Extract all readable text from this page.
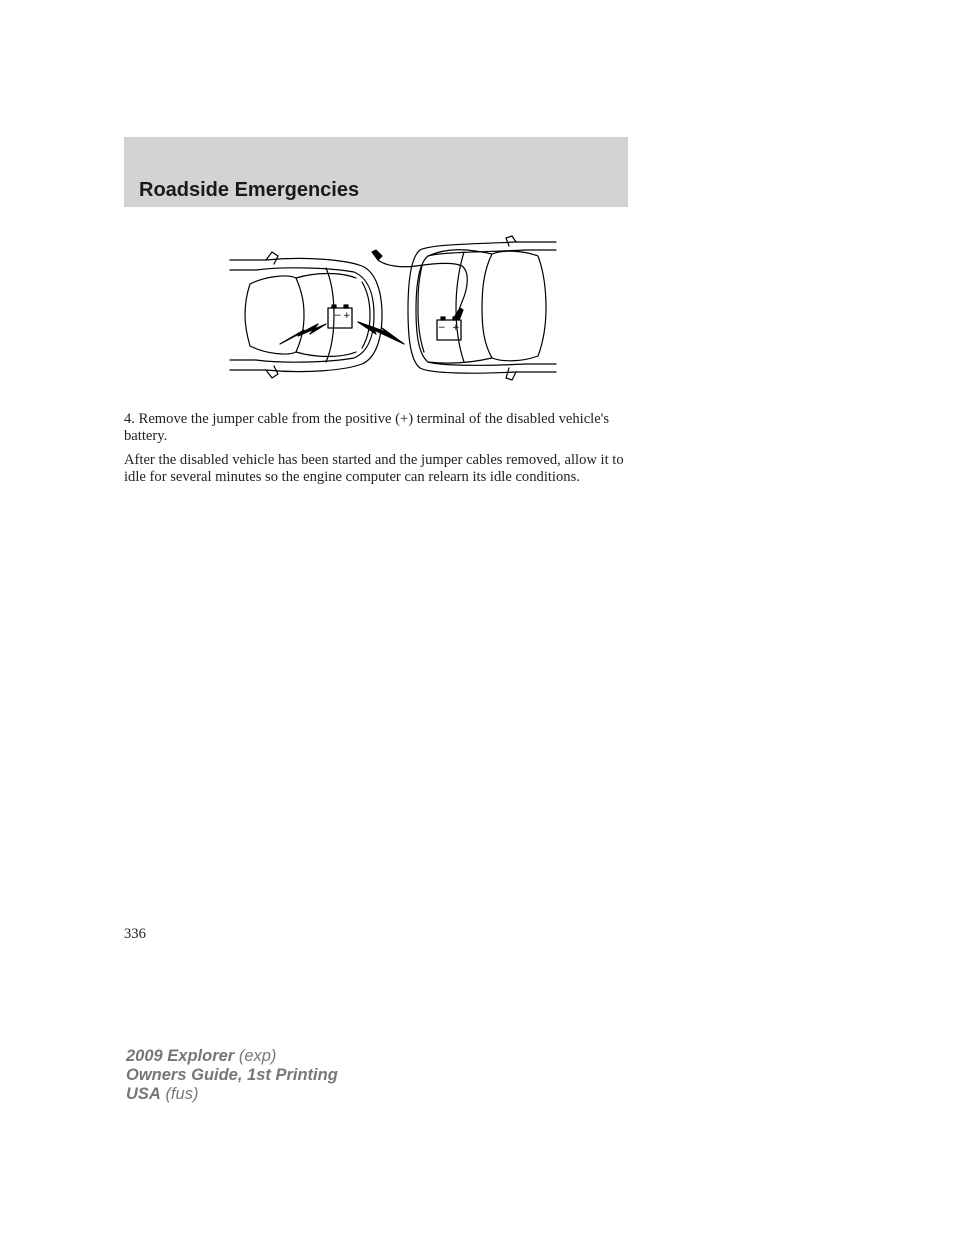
Roadside Emergencies
− +
− +

4. Remove the jumper cable from the positive (+) terminal of the disabled vehicle's battery.

After the disabled vehicle has been started and the jumper cables removed, allow it to idle for several minutes so the engine computer can relearn its idle conditions.

336
2009 Explorer (exp)
Owners Guide, 1st Printing
USA (fus)
